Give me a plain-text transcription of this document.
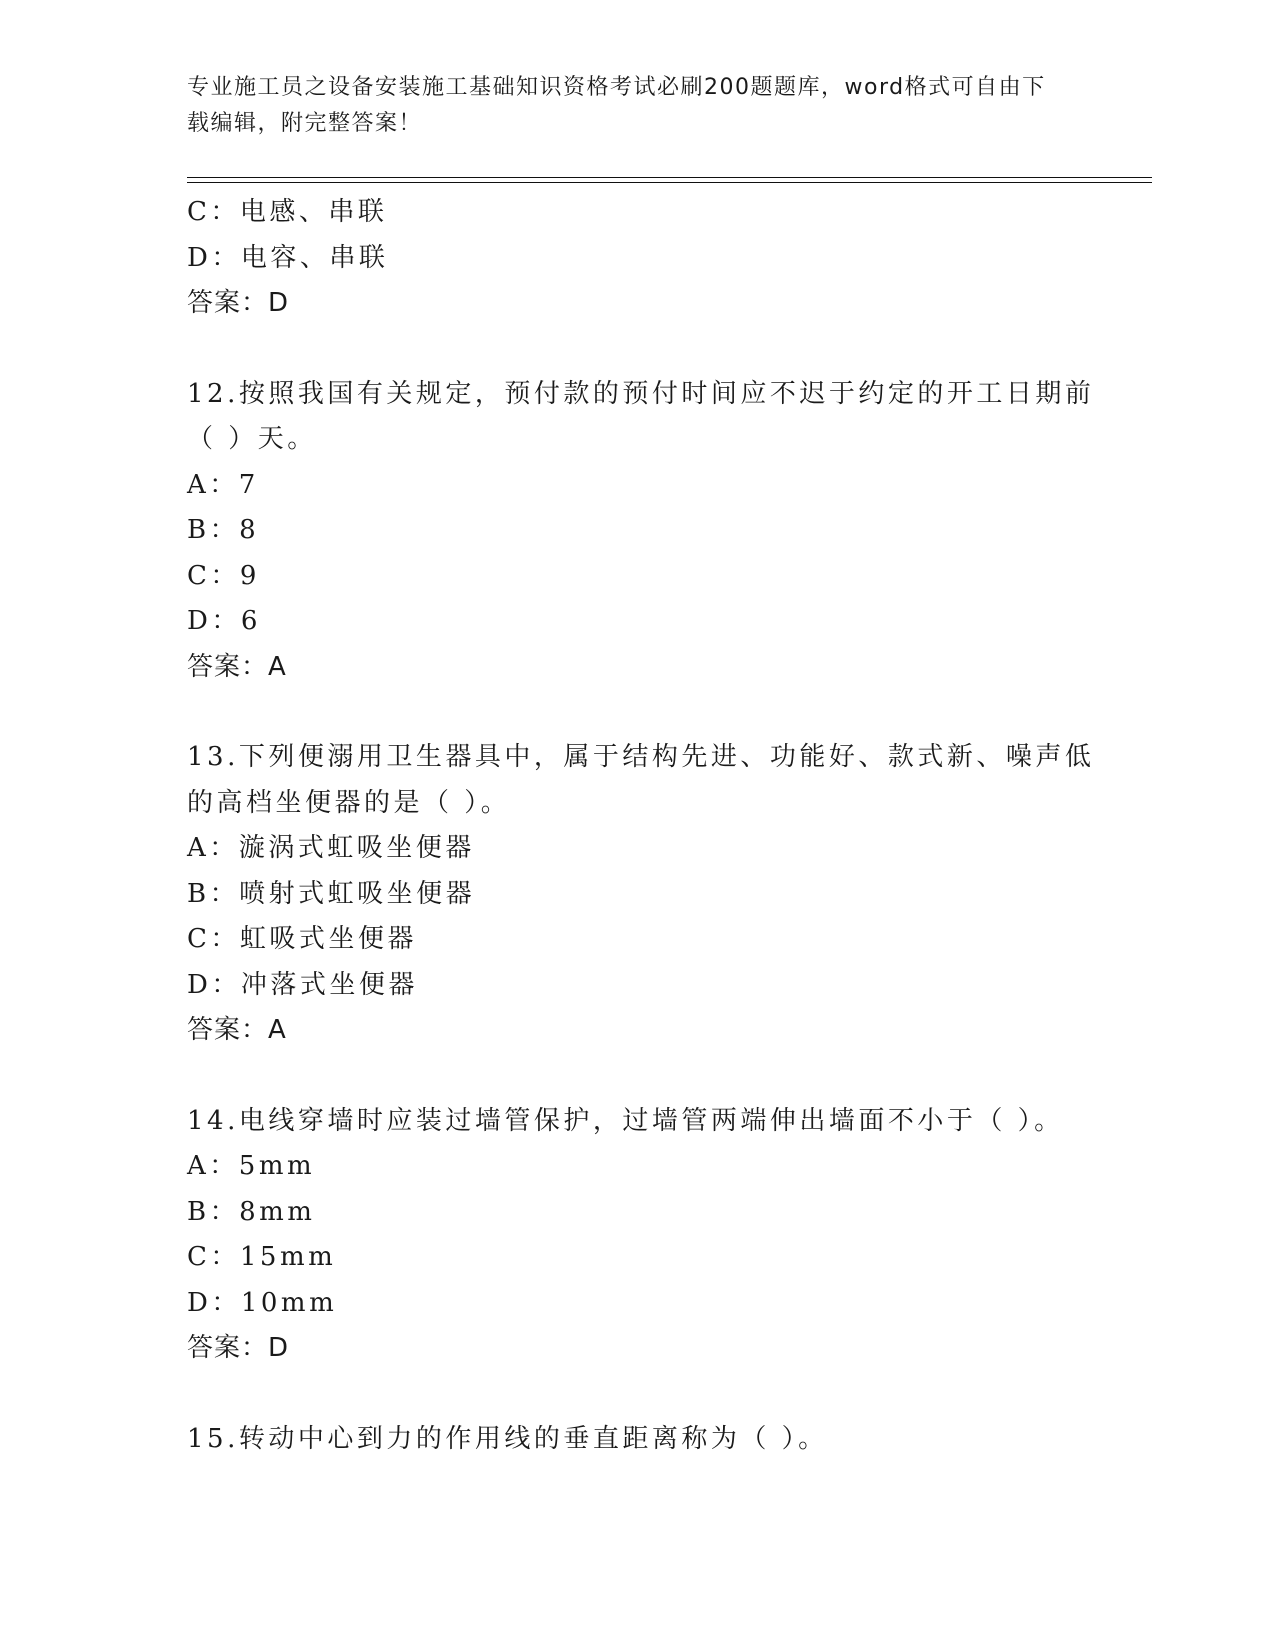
专业施工员之设备安装施工基础知识资格考试必刷200题题库，word格式可自由下载编辑，附完整答案！
C：电感、串联
D：电容、串联
答案：D
12.按照我国有关规定，预付款的预付时间应不迟于约定的开工日期前
（ ）天。
A：7
B：8
C：9
D：6
答案：A
13.下列便溺用卫生器具中，属于结构先进、功能好、款式新、噪声低
的高档坐便器的是（ ）。
A：漩涡式虹吸坐便器
B：喷射式虹吸坐便器
C：虹吸式坐便器
D：冲落式坐便器
答案：A
14.电线穿墙时应装过墙管保护，过墙管两端伸出墙面不小于（ ）。
A：5mm
B：8mm
C：15mm
D：10mm
答案：D
15.转动中心到力的作用线的垂直距离称为（ ）。
